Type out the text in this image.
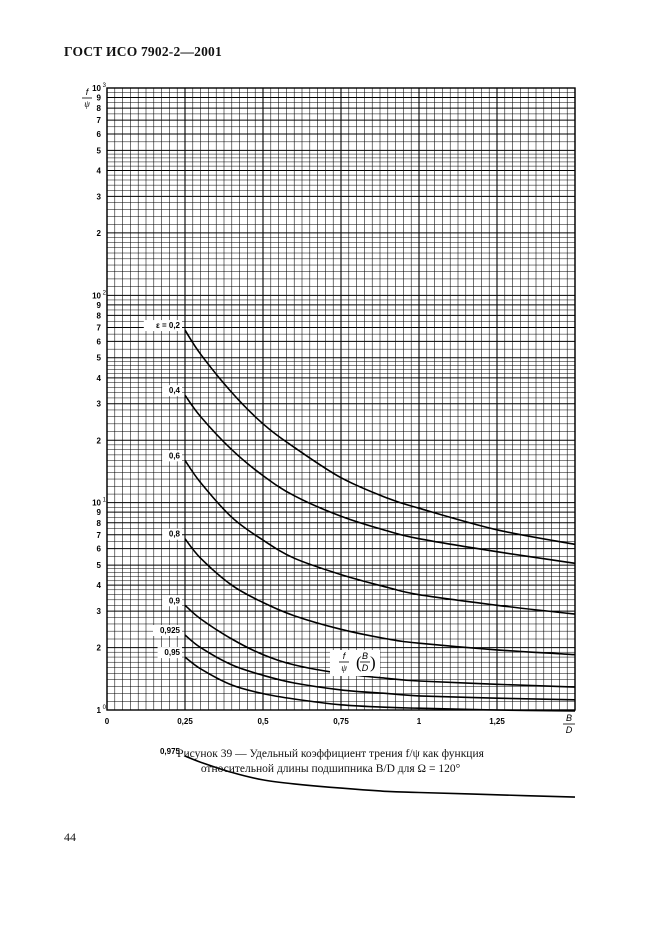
ГОСТ ИСО 7902-2—2001
1 0
2
3
4
5
6
7
8
9
10 1
2
3
4
5
6
7
8
9
10 2
2
3
4
5
6
7
8
9
10 3
0	0,25	0,5	0,75	1	1,25
ε = 0,2
0,4
0,6
0,8
0,9
0,925
0,95
0,975
f
ψ
B
D
f
ψ ( B
D )
Рисунок 39 — Удельный коэффициент трения f/ψ как функция
относительной длины подшипника B/D для Ω = 120°
44
